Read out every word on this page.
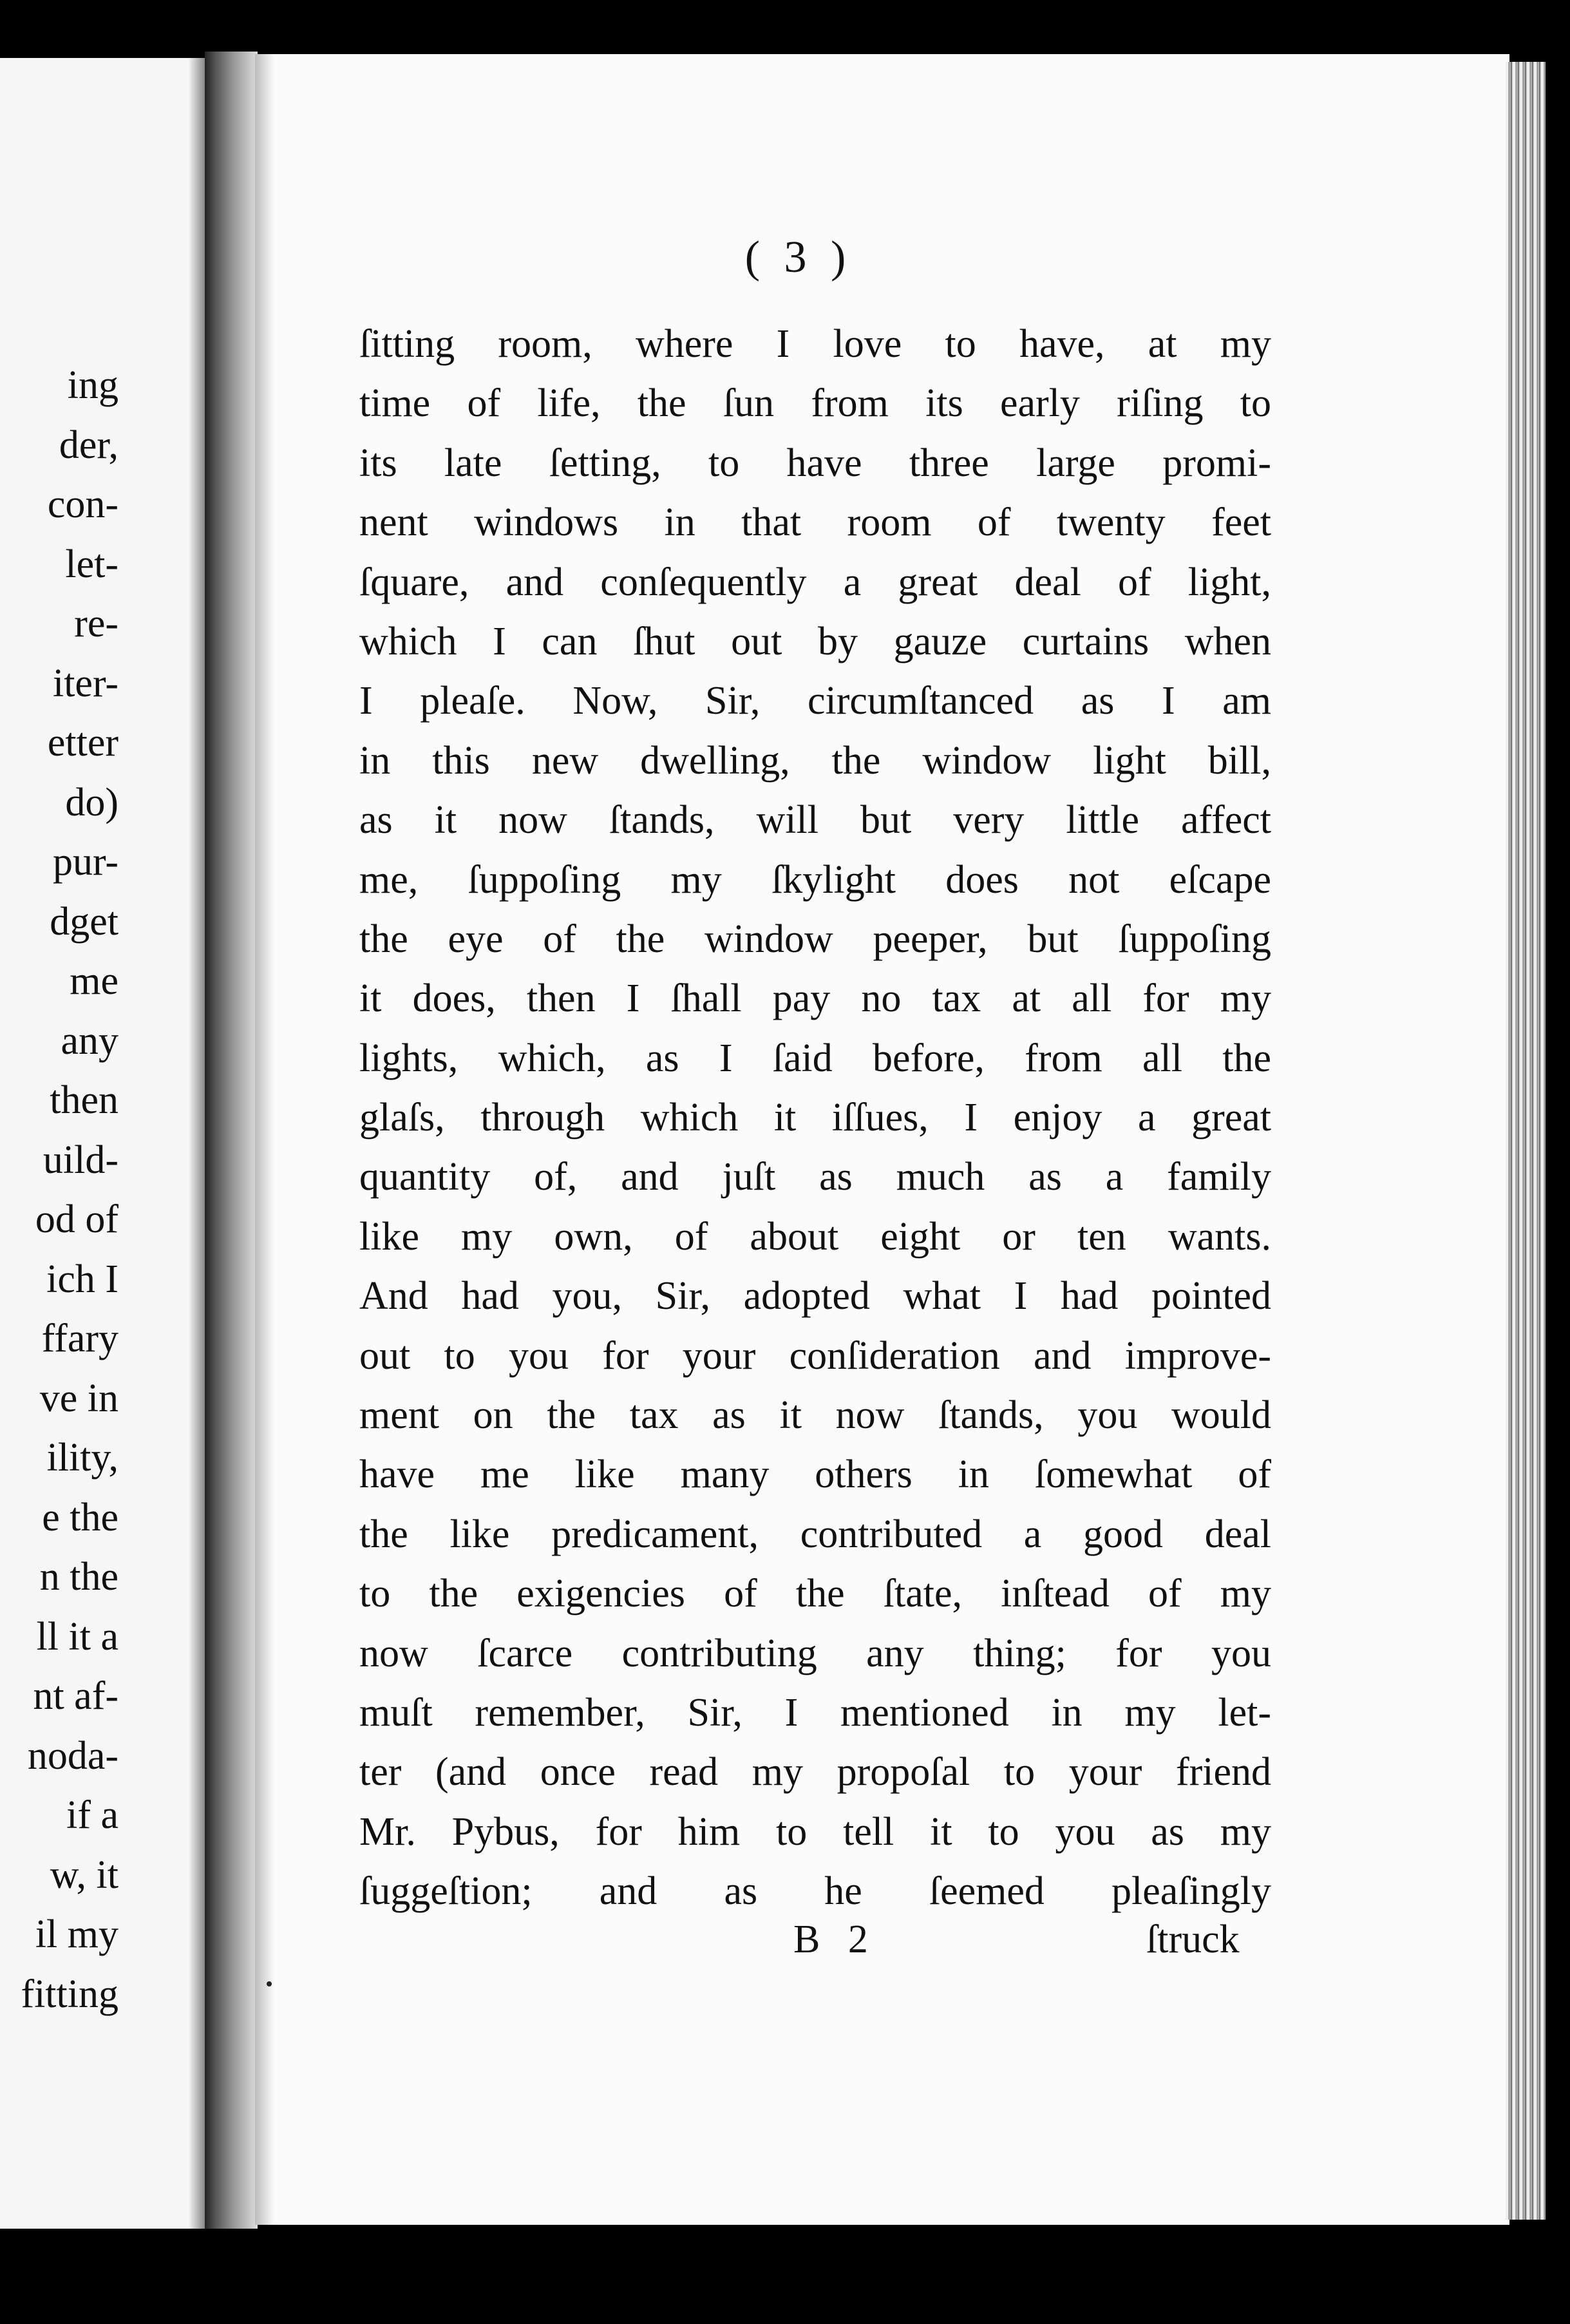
ing
der,
con-
let-
re-
iter-
etter
do)
pur-
dget
me
any
then
uild-
od of
ich I
ffary
ve in
ility,
e the
n the
ll it a
nt af-
noda-
if a
w, it
il my
fitting
( 3 )
ſitting room, where I love to have, at my
time of life, the ſun from its early riſing to
its late ſetting, to have three large promi-
nent windows in that room of twenty feet
ſquare, and conſequently a great deal of light,
which I can ſhut out by gauze curtains when
I pleaſe. Now, Sir, circumſtanced as I am
in this new dwelling, the window light bill,
as it now ſtands, will but very little affect
me, ſuppoſing my ſkylight does not eſcape
the eye of the window peeper, but ſuppoſing
it does, then I ſhall pay no tax at all for my
lights, which, as I ſaid before, from all the
glaſs, through which it iſſues, I enjoy a great
quantity of, and juſt as much as a family
like my own, of about eight or ten wants.
And had you, Sir, adopted what I had pointed
out to you for your conſideration and improve-
ment on the tax as it now ſtands, you would
have me like many others in ſomewhat of
the like predicament, contributed a good deal
to the exigencies of the ſtate, inſtead of my
now ſcarce contributing any thing; for you
muſt remember, Sir, I mentioned in my let-
ter (and once read my propoſal to your friend
Mr. Pybus, for him to tell it to you as my
ſuggeſtion; and as he ſeemed pleaſingly
B 2	ſtruck
